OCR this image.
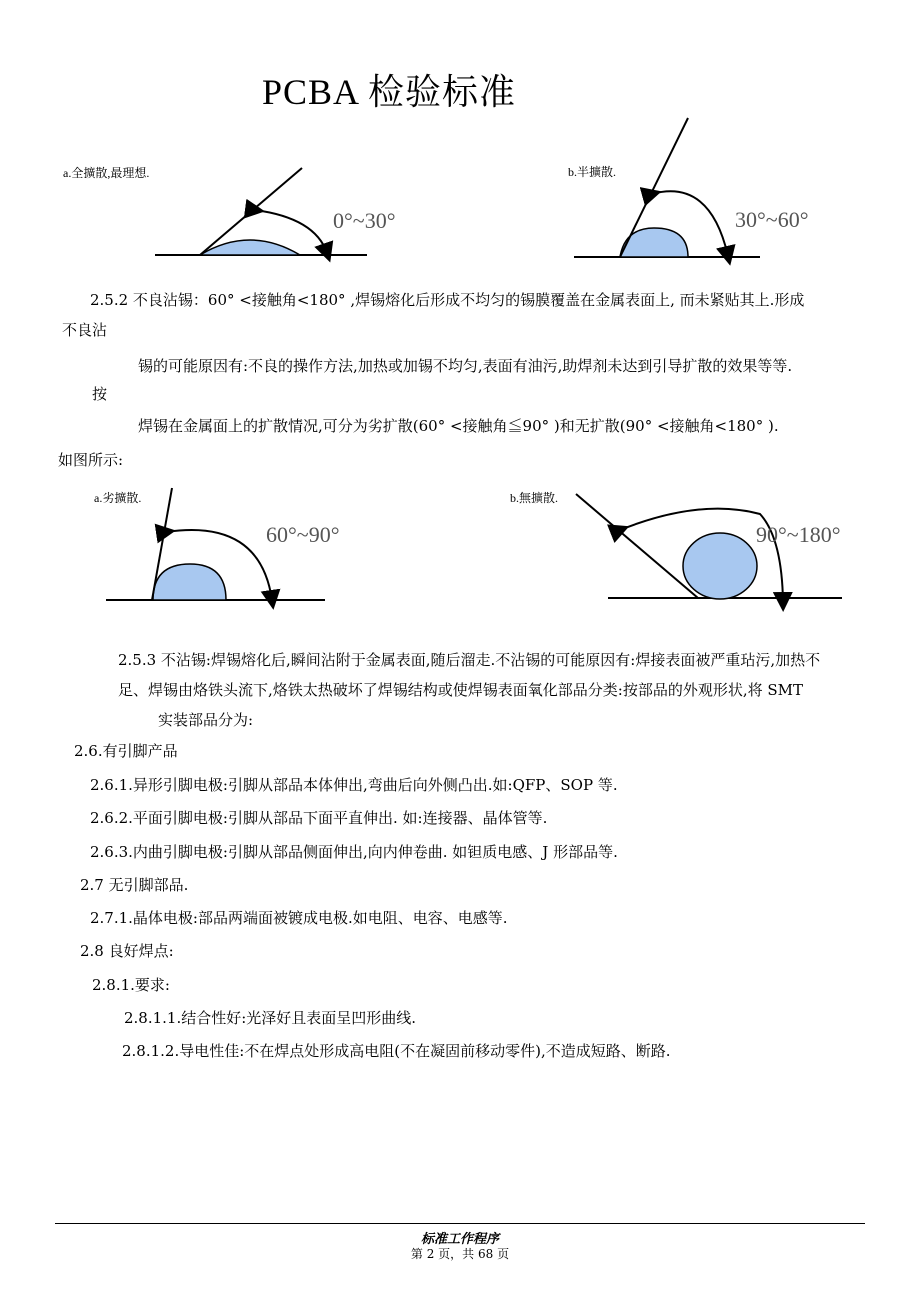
PCBA 检验标准
a.全擴散,最理想.
0°~30°
b.半擴散.
30°~60°
2.5.2 不良沾锡：60° <接触角<180° ,焊锡熔化后形成不均匀的锡膜覆盖在金属表面上, 而未紧贴其上.形成
不良沾
锡的可能原因有:不良的操作方法,加热或加锡不均匀,表面有油污,助焊剂未达到引导扩散的效果等等.
按
焊锡在金属面上的扩散情况,可分为劣扩散(60° <接触角≦90° )和无扩散(90° <接触角<180° ).
如图所示:
a.劣擴散.
60°~90°
b.無擴散.
90°~180°
2.5.3 不沾锡:焊锡熔化后,瞬间沾附于金属表面,随后溜走.不沾锡的可能原因有:焊接表面被严重玷污,加热不
足、焊锡由烙铁头流下,烙铁太热破坏了焊锡结构或使焊锡表面氧化部品分类:按部品的外观形状,将 SMT
实装部品分为:
2.6.有引脚产品
2.6.1.异形引脚电极:引脚从部品本体伸出,弯曲后向外侧凸出.如:QFP、SOP 等.
2.6.2.平面引脚电极:引脚从部品下面平直伸出. 如:连接器、晶体管等.
2.6.3.内曲引脚电极:引脚从部品侧面伸出,向内伸卷曲. 如钽质电感、J 形部品等.
2.7 无引脚部品.
2.7.1.晶体电极:部品两端面被镀成电极.如电阻、电容、电感等.
2.8 良好焊点:
2.8.1.要求:
2.8.1.1.结合性好:光泽好且表面呈凹形曲线.
2.8.1.2.导电性佳:不在焊点处形成高电阻(不在凝固前移动零件),不造成短路、断路.
标准工作程序
第 2 页，共 68 页
